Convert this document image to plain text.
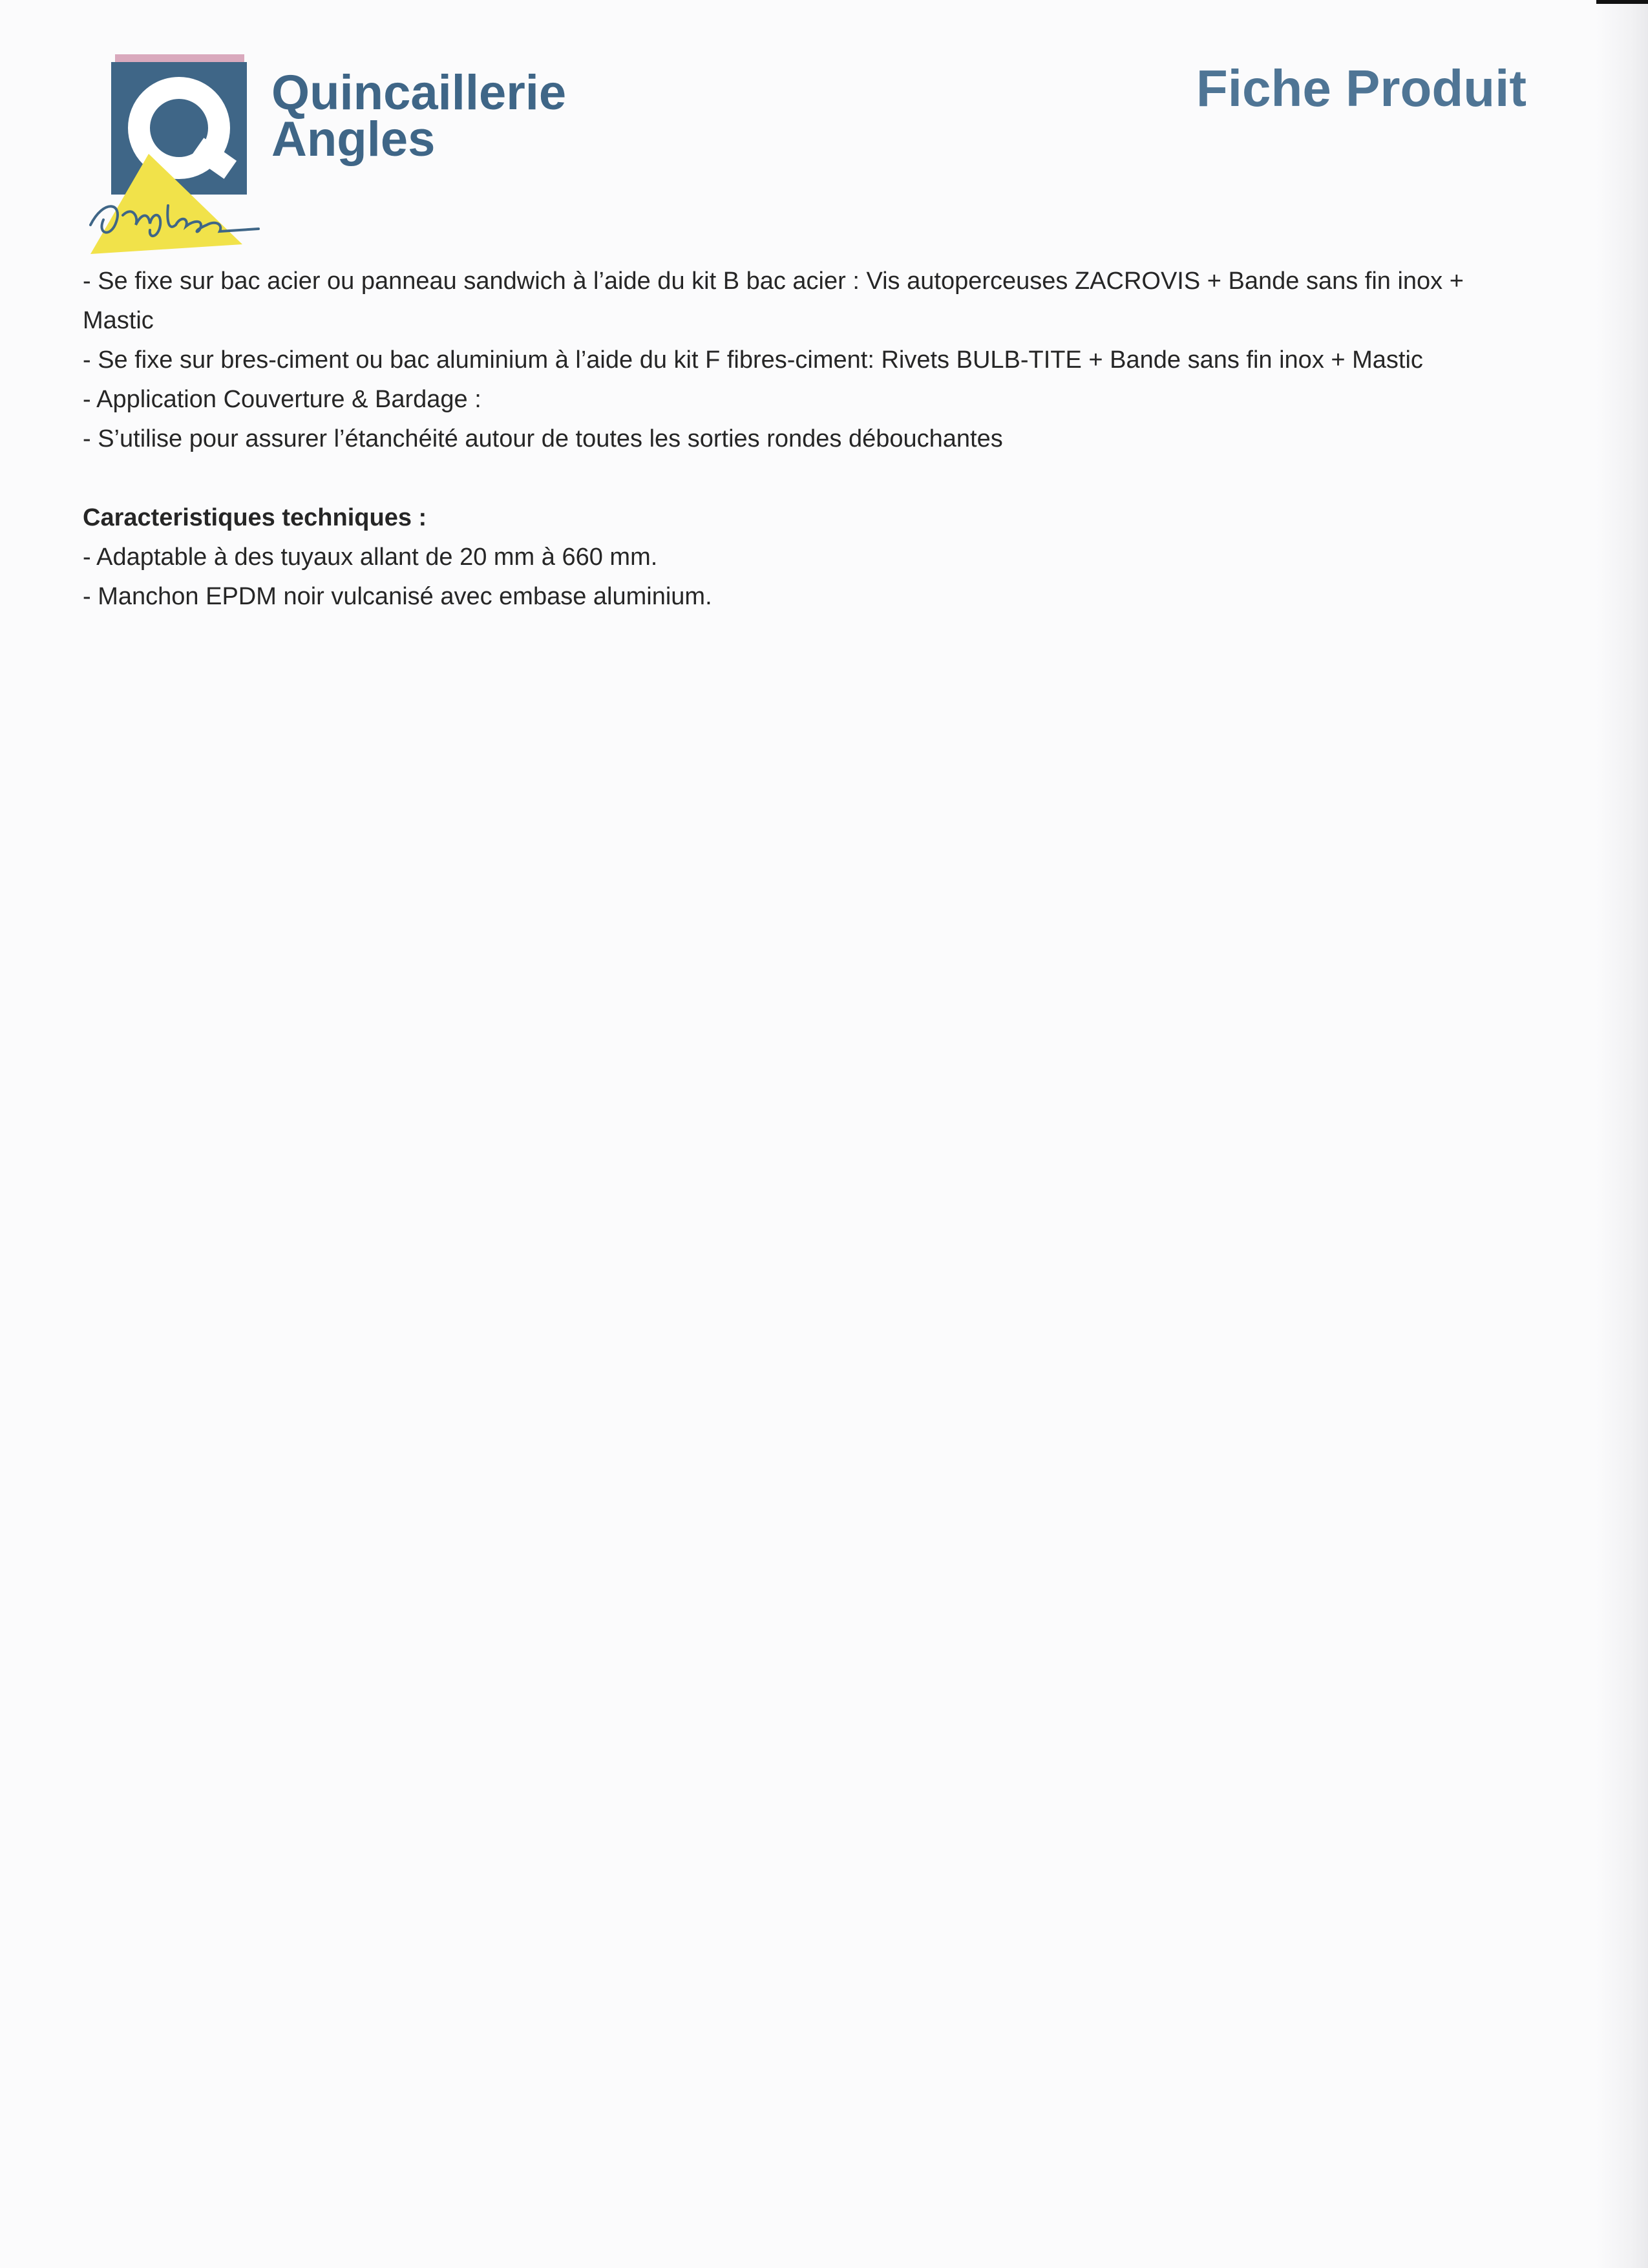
Quincaillerie
Angles
Fiche Produit

- Se fixe sur bac acier ou panneau sandwich à l’aide du kit B bac acier : Vis autoperceuses ZACROVIS + Bande sans fin inox + Mastic

- Se fixe sur bres-ciment ou bac aluminium à l’aide du kit F fibres-ciment: Rivets BULB-TITE + Bande sans fin inox + Mastic

- Application Couverture & Bardage :

- S’utilise pour assurer l’étanchéité autour de toutes les sorties rondes débouchantes

Caracteristiques techniques :

- Adaptable à des tuyaux allant de 20 mm à 660 mm.

- Manchon EPDM noir vulcanisé avec embase aluminium.
